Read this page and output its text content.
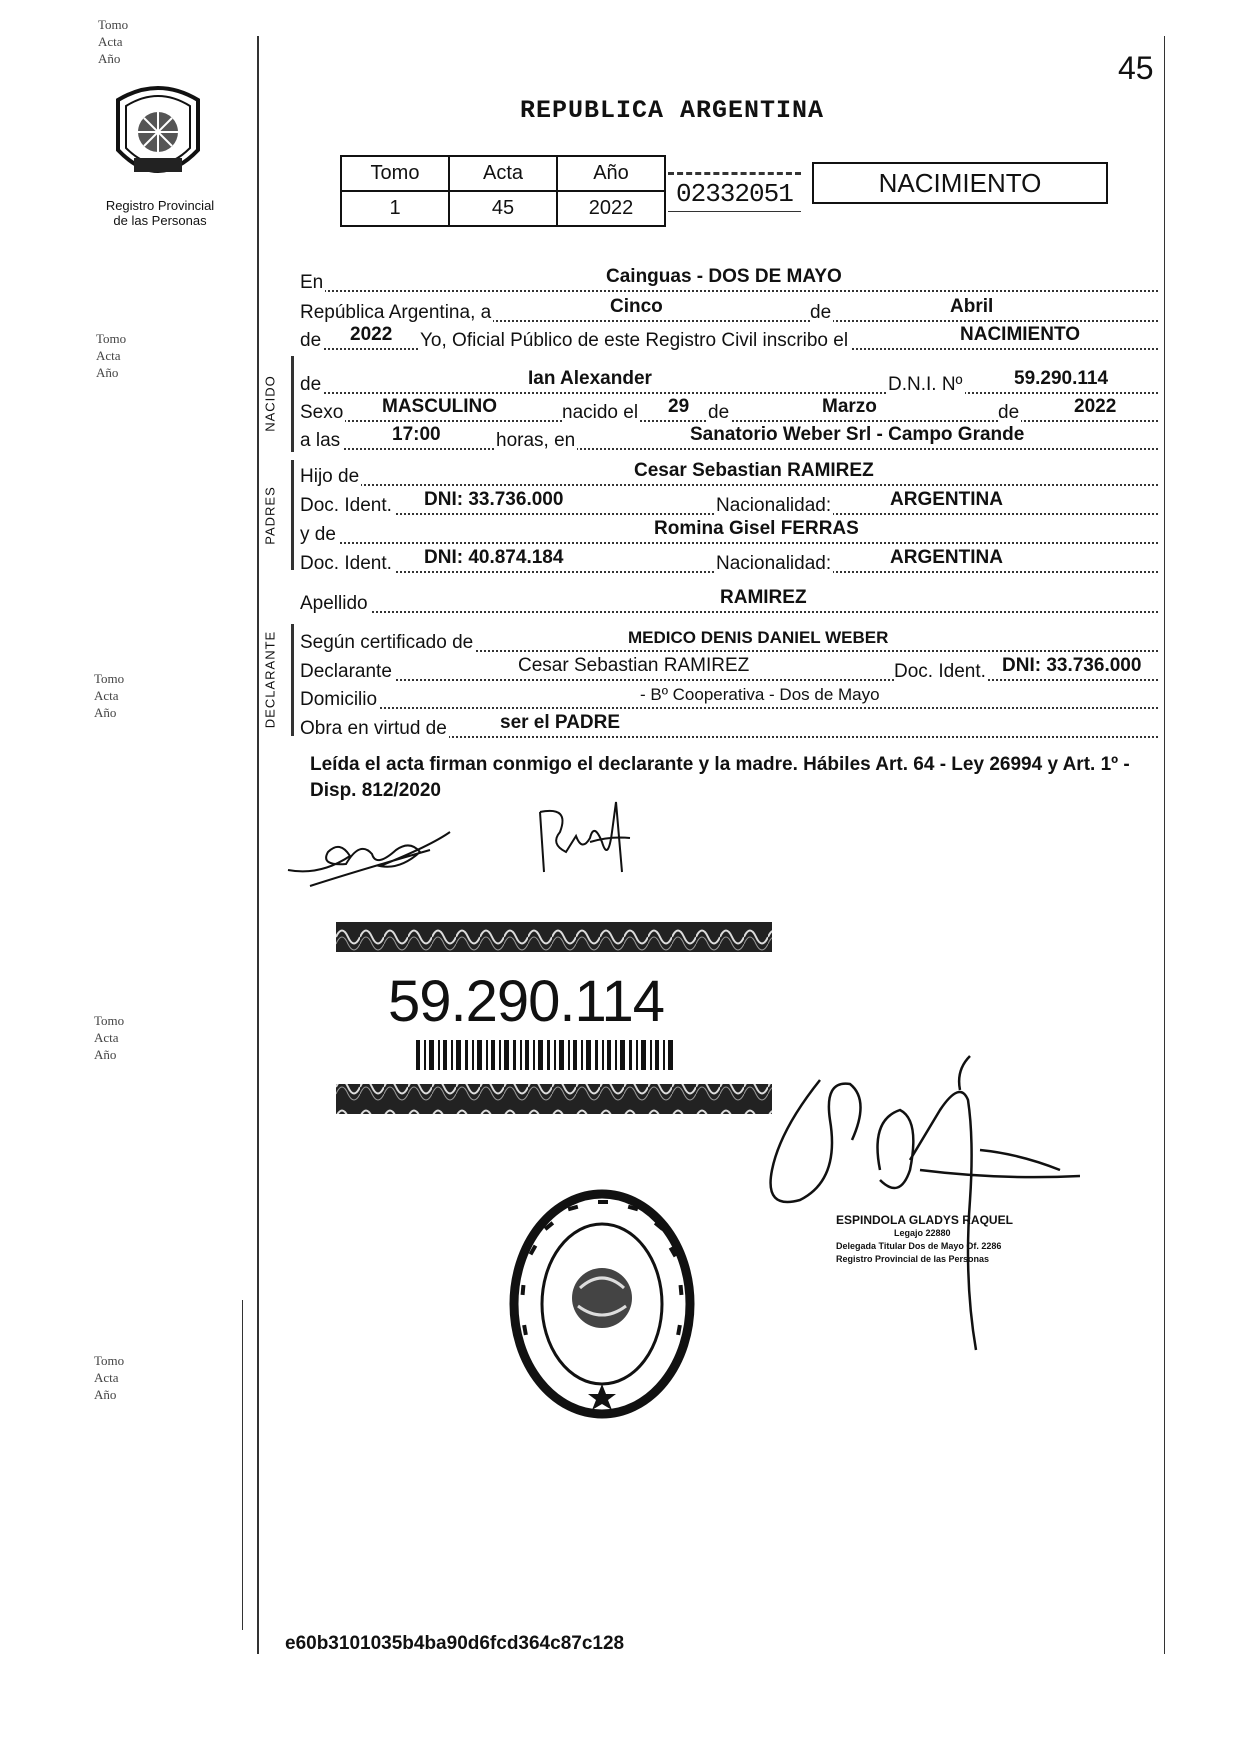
45
REPUBLICA ARGENTINA
Registro Provincial
de las Personas
Tomo
Acta
Año
Tomo
Acta
Año
Tomo
Acta
Año
Tomo
Acta
Año
Tomo
Acta
Año
Tomo	Acta	Año
1	45	2022	02332051	NACIMIENTO
En	Cainguas - DOS DE MAYO
República Argentina, a	Cinco	de	Abril
de 2022 Yo, Oficial Público de este Registro Civil inscribo el	NACIMIENTO
NACIDO de	Ian Alexander	D.N.I. Nº	59.290.114
Sexo MASCULINO	nacido el 29 de	Marzo	de	2022
a las	17:00	horas, en	Sanatorio Weber Srl - Campo Grande
PADRES
Hijo de	Cesar Sebastian RAMIREZ
Doc. Ident. DNI: 33.736.000	Nacionalidad:	ARGENTINA
y de	Romina Gisel FERRAS
Doc. Ident. DNI: 40.874.184	Nacionalidad:	ARGENTINA
Apellido	RAMIREZ
DECLARANTE Según certificado de	MEDICO DENIS DANIEL WEBER
Declarante	Cesar Sebastian RAMIREZ	Doc. Ident. DNI: 33.736.000
Domicilio	- Bº Cooperativa - Dos de Mayo
Obra en virtud de	ser el PADRE
Leída el acta firman conmigo el declarante y la madre. Hábiles Art. 64 - Ley 26994 y Art. 1º - Disp. 812/2020
59.290.114
ESPINDOLA GLADYS RAQUEL
Legajo 22880
Delegada Titular Dos de Mayo Of. 2286
Registro Provincial de las Personas
e60b3101035b4ba90d6fcd364c87c128
